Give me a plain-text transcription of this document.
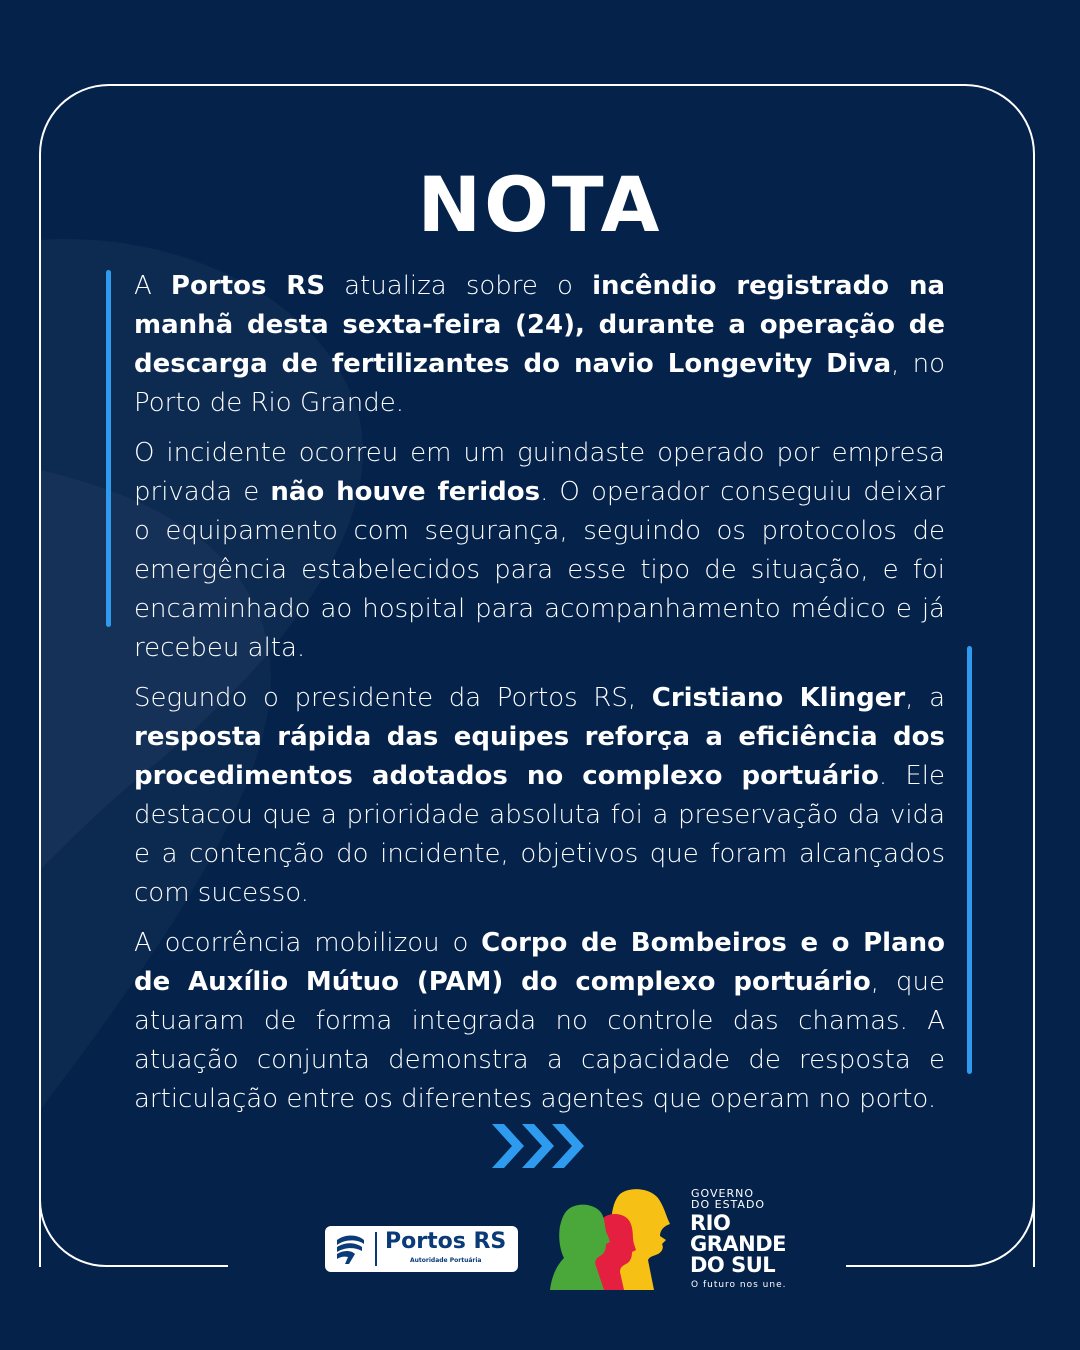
NOTA

A Portos RS atualiza sobre o incêndio registrado na manhã desta sexta-feira (24), durante a operação de descarga de fertilizantes do navio Longevity Diva, no Porto de Rio Grande.

O incidente ocorreu em um guindaste operado por empresa privada e não houve feridos. O operador conseguiu deixar o equipamento com segurança, seguindo os protocolos de emergência estabelecidos para esse tipo de situação, e foi encaminhado ao hospital para acompanhamento médico e já recebeu alta.

Segundo o presidente da Portos RS, Cristiano Klinger, a resposta rápida das equipes reforça a eficiência dos procedimentos adotados no complexo portuário. Ele destacou que a prioridade absoluta foi a preservação da vida e a contenção do incidente, objetivos que foram alcançados com sucesso.

A ocorrência mobilizou o Corpo de Bombeiros e o Plano de Auxílio Mútuo (PAM) do complexo portuário, que atuaram de forma integrada no controle das chamas. A atuação conjunta demonstra a capacidade de resposta e articulação entre os diferentes agentes que operam no porto.

Portos RS
Autoridade Portuária
GOVERNO
DO ESTADO
RIO
GRANDE
DO SUL
O futuro nos une.
